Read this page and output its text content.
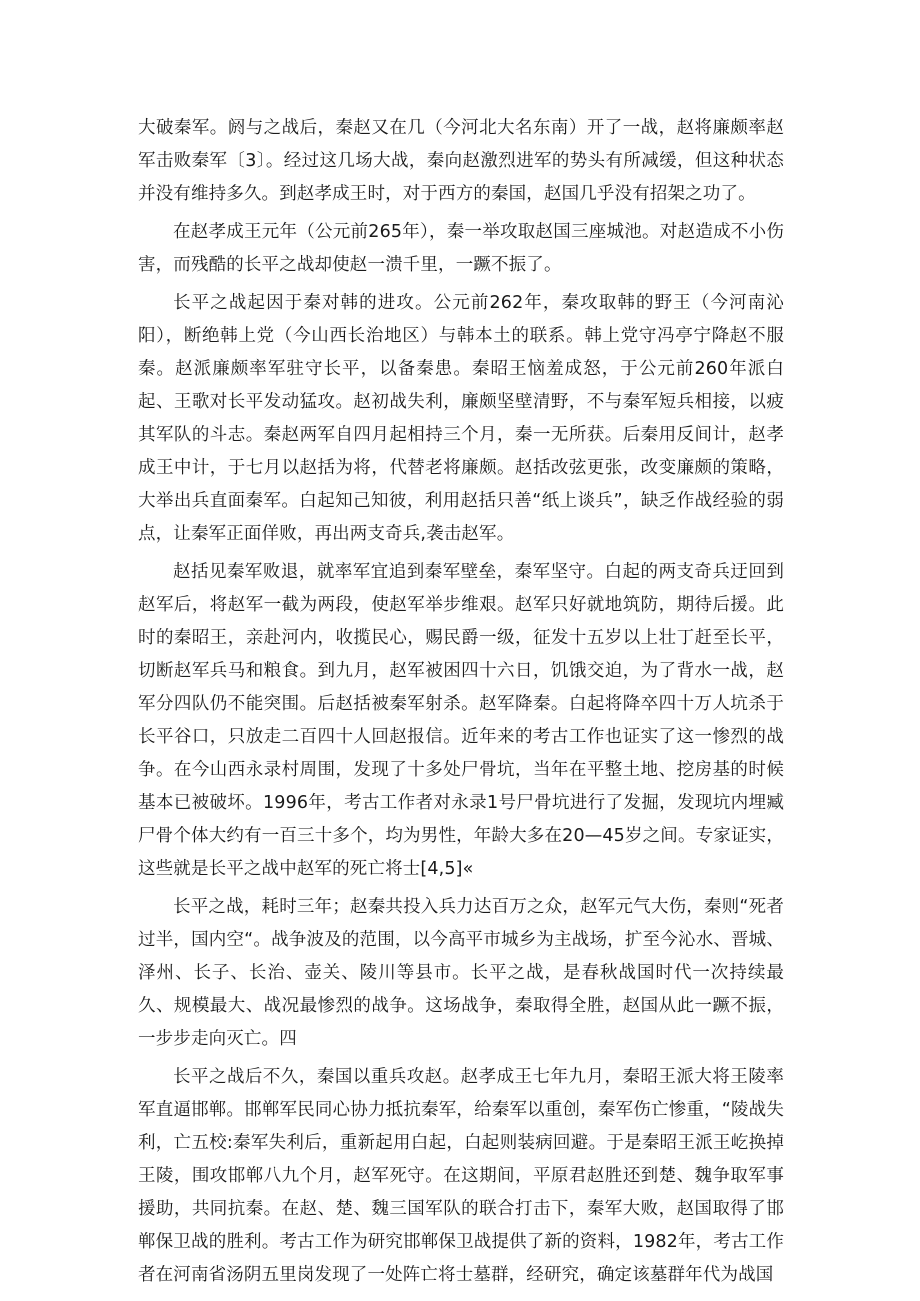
大破秦军。阏与之战后，秦赵又在几（今河北大名东南）开了一战，赵将廉颇率赵军击败秦军〔3〕。经过这几场大战，秦向赵激烈进军的势头有所减缓，但这种状态并没有维持多久。到赵孝成王时，对于西方的秦国，赵国几乎没有招架之功了。

在赵孝成王元年（公元前265年），秦一举攻取赵国三座城池。对赵造成不小伤害，而残酷的长平之战却使赵一溃千里，一蹶不振了。

长平之战起因于秦对韩的进攻。公元前262年，秦攻取韩的野王（今河南沁阳），断绝韩上党（今山西长治地区）与韩本土的联系。韩上党守冯亭宁降赵不服秦。赵派廉颇率军驻守长平，以备秦患。秦昭王恼羞成怒，于公元前260年派白起、王歌对长平发动猛攻。赵初战失利，廉颇坚壁清野，不与秦军短兵相接，以疲其军队的斗志。秦赵两军自四月起相持三个月，秦一无所获。后秦用反间计，赵孝成王中计，于七月以赵括为将，代替老将廉颇。赵括改弦更张，改变廉颇的策略，大举出兵直面秦军。白起知己知彼，利用赵括只善“纸上谈兵”，缺乏作战经验的弱点，让秦军正面佯败，再出两支奇兵,袭击赵军。

赵括见秦军败退，就率军宜追到秦军壁垒，秦军坚守。白起的两支奇兵迂回到赵军后，将赵军一截为两段，使赵军举步维艰。赵军只好就地筑防，期待后援。此时的秦昭王，亲赴河内，收揽民心，赐民爵一级，征发十五岁以上壮丁赶至长平，切断赵军兵马和粮食。到九月，赵军被困四十六日，饥饿交迫，为了背水一战，赵军分四队仍不能突围。后赵括被秦军射杀。赵军降秦。白起将降卒四十万人坑杀于长平谷口，只放走二百四十人回赵报信。近年来的考古工作也证实了这一惨烈的战争。在今山西永录村周围，发现了十多处尸骨坑，当年在平整土地、挖房基的时候基本已被破坏。1996年，考古工作者对永录1号尸骨坑进行了发掘，发现坑内埋臧尸骨个体大约有一百三十多个，均为男性，年龄大多在20—45岁之间。专家证实，这些就是长平之战中赵军的死亡将士[4,5]«

长平之战，耗时三年；赵秦共投入兵力达百万之众，赵军元气大伤，秦则“死者过半，国内空“。战争波及的范围，以今高平市城乡为主战场，扩至今沁水、晋城、泽州、长子、长治、壶关、陵川等县市。长平之战，是春秋战国时代一次持续最久、规模最大、战况最惨烈的战争。这场战争，秦取得全胜，赵国从此一蹶不振，一步步走向灭亡。四

长平之战后不久，秦国以重兵攻赵。赵孝成王七年九月，秦昭王派大将王陵率军直逼邯郸。邯郸军民同心协力抵抗秦军，给秦军以重创，秦军伤亡惨重，“陵战失利，亡五校:秦军失利后，重新起用白起，白起则装病回避。于是秦昭王派王屹换掉王陵，围攻邯郸八九个月，赵军死守。在这期间，平原君赵胜还到楚、魏争取军事援助，共同抗秦。在赵、楚、魏三国军队的联合打击下，秦军大败，赵国取得了邯郸保卫战的胜利。考古工作为研究邯郸保卫战提供了新的资料，1982年，考古工作者在河南省汤阴五里岗发现了一处阵亡将士墓群，经研究，确定该墓群年代为战国
